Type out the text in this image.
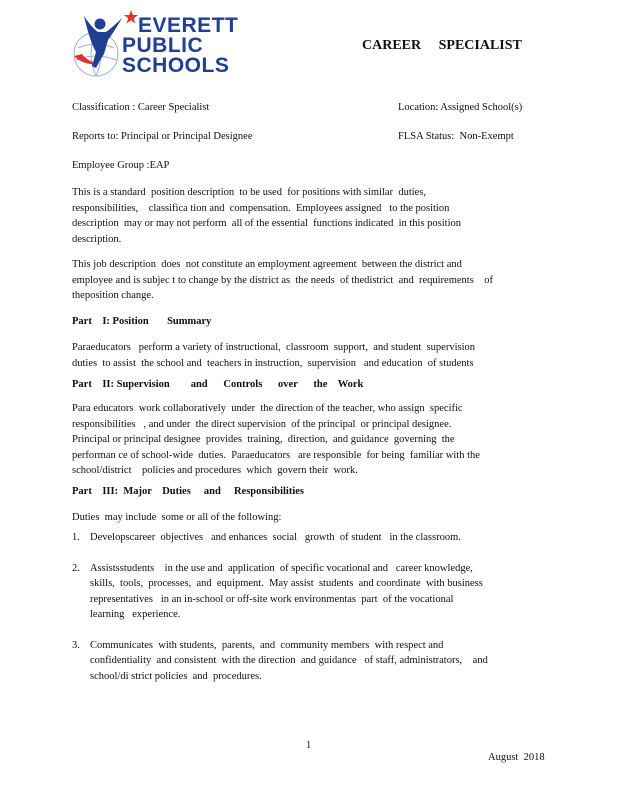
EVERETT
PUBLIC
SCHOOLS
CAREER     SPECIALIST
Classification : Career Specialist	Location: Assigned School(s)
Reports to: Principal or Principal Designee	FLSA Status:  Non-Exempt
Employee Group :EAP
This is a standard  position description  to be used  for positions with similar  duties,
responsibilities,    classifica tion and  compensation.  Employees assigned   to the position
description  may or may not perform  all of the essential  functions indicated  in this position
description.
This job description  does  not constitute an employment agreement  between the district and
employee and is subjec t to change by the district as  the needs  of thedistrict  and  requirements    of
theposition change.
Part    I: Position       Summary
Paraeducators   perform a variety of instructional,  classroom  support,  and student  supervision
duties  to assist  the school and  teachers in instruction,  supervision   and education  of students
Part    II: Supervision        and      Controls      over      the    Work
Para educators  work collaboratively  under  the direction of the teacher, who assign  specific
responsibilities   , and under  the direct supervision  of the principal  or principal designee.
Principal or principal designee  provides  training,  direction,  and guidance  governing  the
performan ce of school-wide  duties.  Paraeducators   are responsible  for being  familiar with the
school/district    policies and procedures  which  govern their  work.
Part    III:  Major    Duties     and     Responsibilities
Duties  may include  some or all of the following:
1. Developscareer  objectives   and enhances  social   growth  of student   in the classroom.
2. Assistsstudents    in the use and  application  of specific vocational and   career knowledge,
skills,  tools,  processes,  and  equipment.  May assist  students  and coordinate  with business
representatives   in an in-school or off-site work environmentas  part  of the vocational
learning   experience.
3. Communicates  with students,  parents,  and  community members  with respect and
confidentiality  and consistent  with the direction  and guidance   of staff, administrators,    and
school/di strict policies  and  procedures.
1
August  2018
